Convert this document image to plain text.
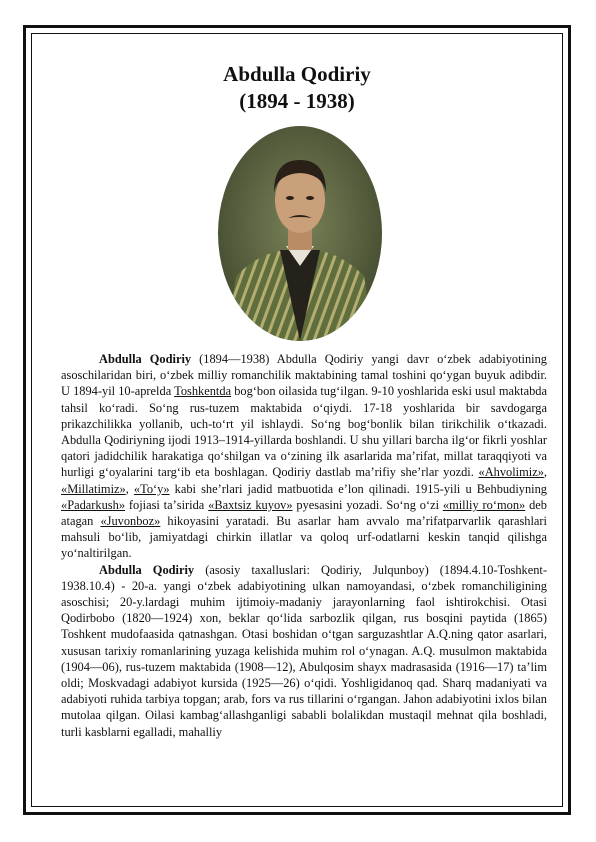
Abdulla Qodiriy
(1894 - 1938)

Abdulla Qodiriy (1894—1938) Abdulla Qodiriy yangi davr oʻzbek adabiyotining asoschilaridan biri, oʻzbek milliy romanchilik maktabining tamal toshini qoʻygan buyuk adibdir. U 1894-yil 10-aprelda Toshkentda bogʻbon oilasida tugʻilgan. 9-10 yoshlarida eski usul maktabda tahsil koʻradi. Soʻng rus-tuzem maktabida oʻqiydi. 17-18 yoshlarida bir savdogarga prikazchilikka yollanib, uch-toʻrt yil ishlaydi. Soʻng bogʻbonlik bilan tirikchilik oʻtkazadi. Abdulla Qodiriyning ijodi 1913–1914-yillarda boshlandi. U shu yillari barcha ilgʻor fikrli yoshlar qatori jadidchilik harakatiga qoʻshilgan va oʻzining ilk asarlarida maʼrifat, millat taraqqiyoti va hurligi gʻoyalarini targʻib eta boshlagan. Qodiriy dastlab maʼrifiy sheʼrlar yozdi. «Ahvolimiz», «Millatimiz», «Toʻy» kabi sheʼrlari jadid matbuotida eʼlon qilinadi. 1915-yili u Behbudiyning «Padarkush» fojiasi taʼsirida «Baxtsiz kuyov» pyesasini yozadi. Soʻng oʻzi «milliy roʻmon» deb atagan «Juvonboz» hikoyasini yaratadi. Bu asarlar ham avvalo maʼrifatparvarlik qarashlari mahsuli boʻlib, jamiyatdagi chirkin illatlar va qoloq urf-odatlarni keskin tanqid qilishga yoʻnaltirilgan.

Abdulla Qodiriy (asosiy taxalluslari: Qodiriy, Julqunboy) (1894.4.10-Toshkent-1938.10.4) - 20-a. yangi oʻzbek adabiyotining ulkan namoyandasi, oʻzbek romanchiligining asoschisi; 20-y.lardagi muhim ijtimoiy-madaniy jarayonlarning faol ishtirokchisi. Otasi Qodirbobo (1820—1924) xon, beklar qoʻlida sarbozlik qilgan, rus bosqini paytida (1865) Toshkent mudofaasida qatnashgan. Otasi boshidan oʻtgan sarguzashtlar A.Q.ning qator asarlari, xususan tarixiy romanlarining yuzaga kelishida muhim rol oʻynagan. A.Q. musulmon maktabida (1904—06), rus-tuzem maktabida (1908—12), Abulqosim shayx madrasasida (1916—17) taʼlim oldi; Moskvadagi adabiyot kursida (1925—26) oʻqidi. Yoshligidanoq qad. Sharq madaniyati va adabiyoti ruhida tarbiya topgan; arab, fors va rus tillarini oʻrgangan. Jahon adabiyotini ixlos bilan mutolaa qilgan. Oilasi kambagʻallashganligi sababli bolalikdan mustaqil mehnat qila boshladi, turli kasblarni egalladi, mahalliy
